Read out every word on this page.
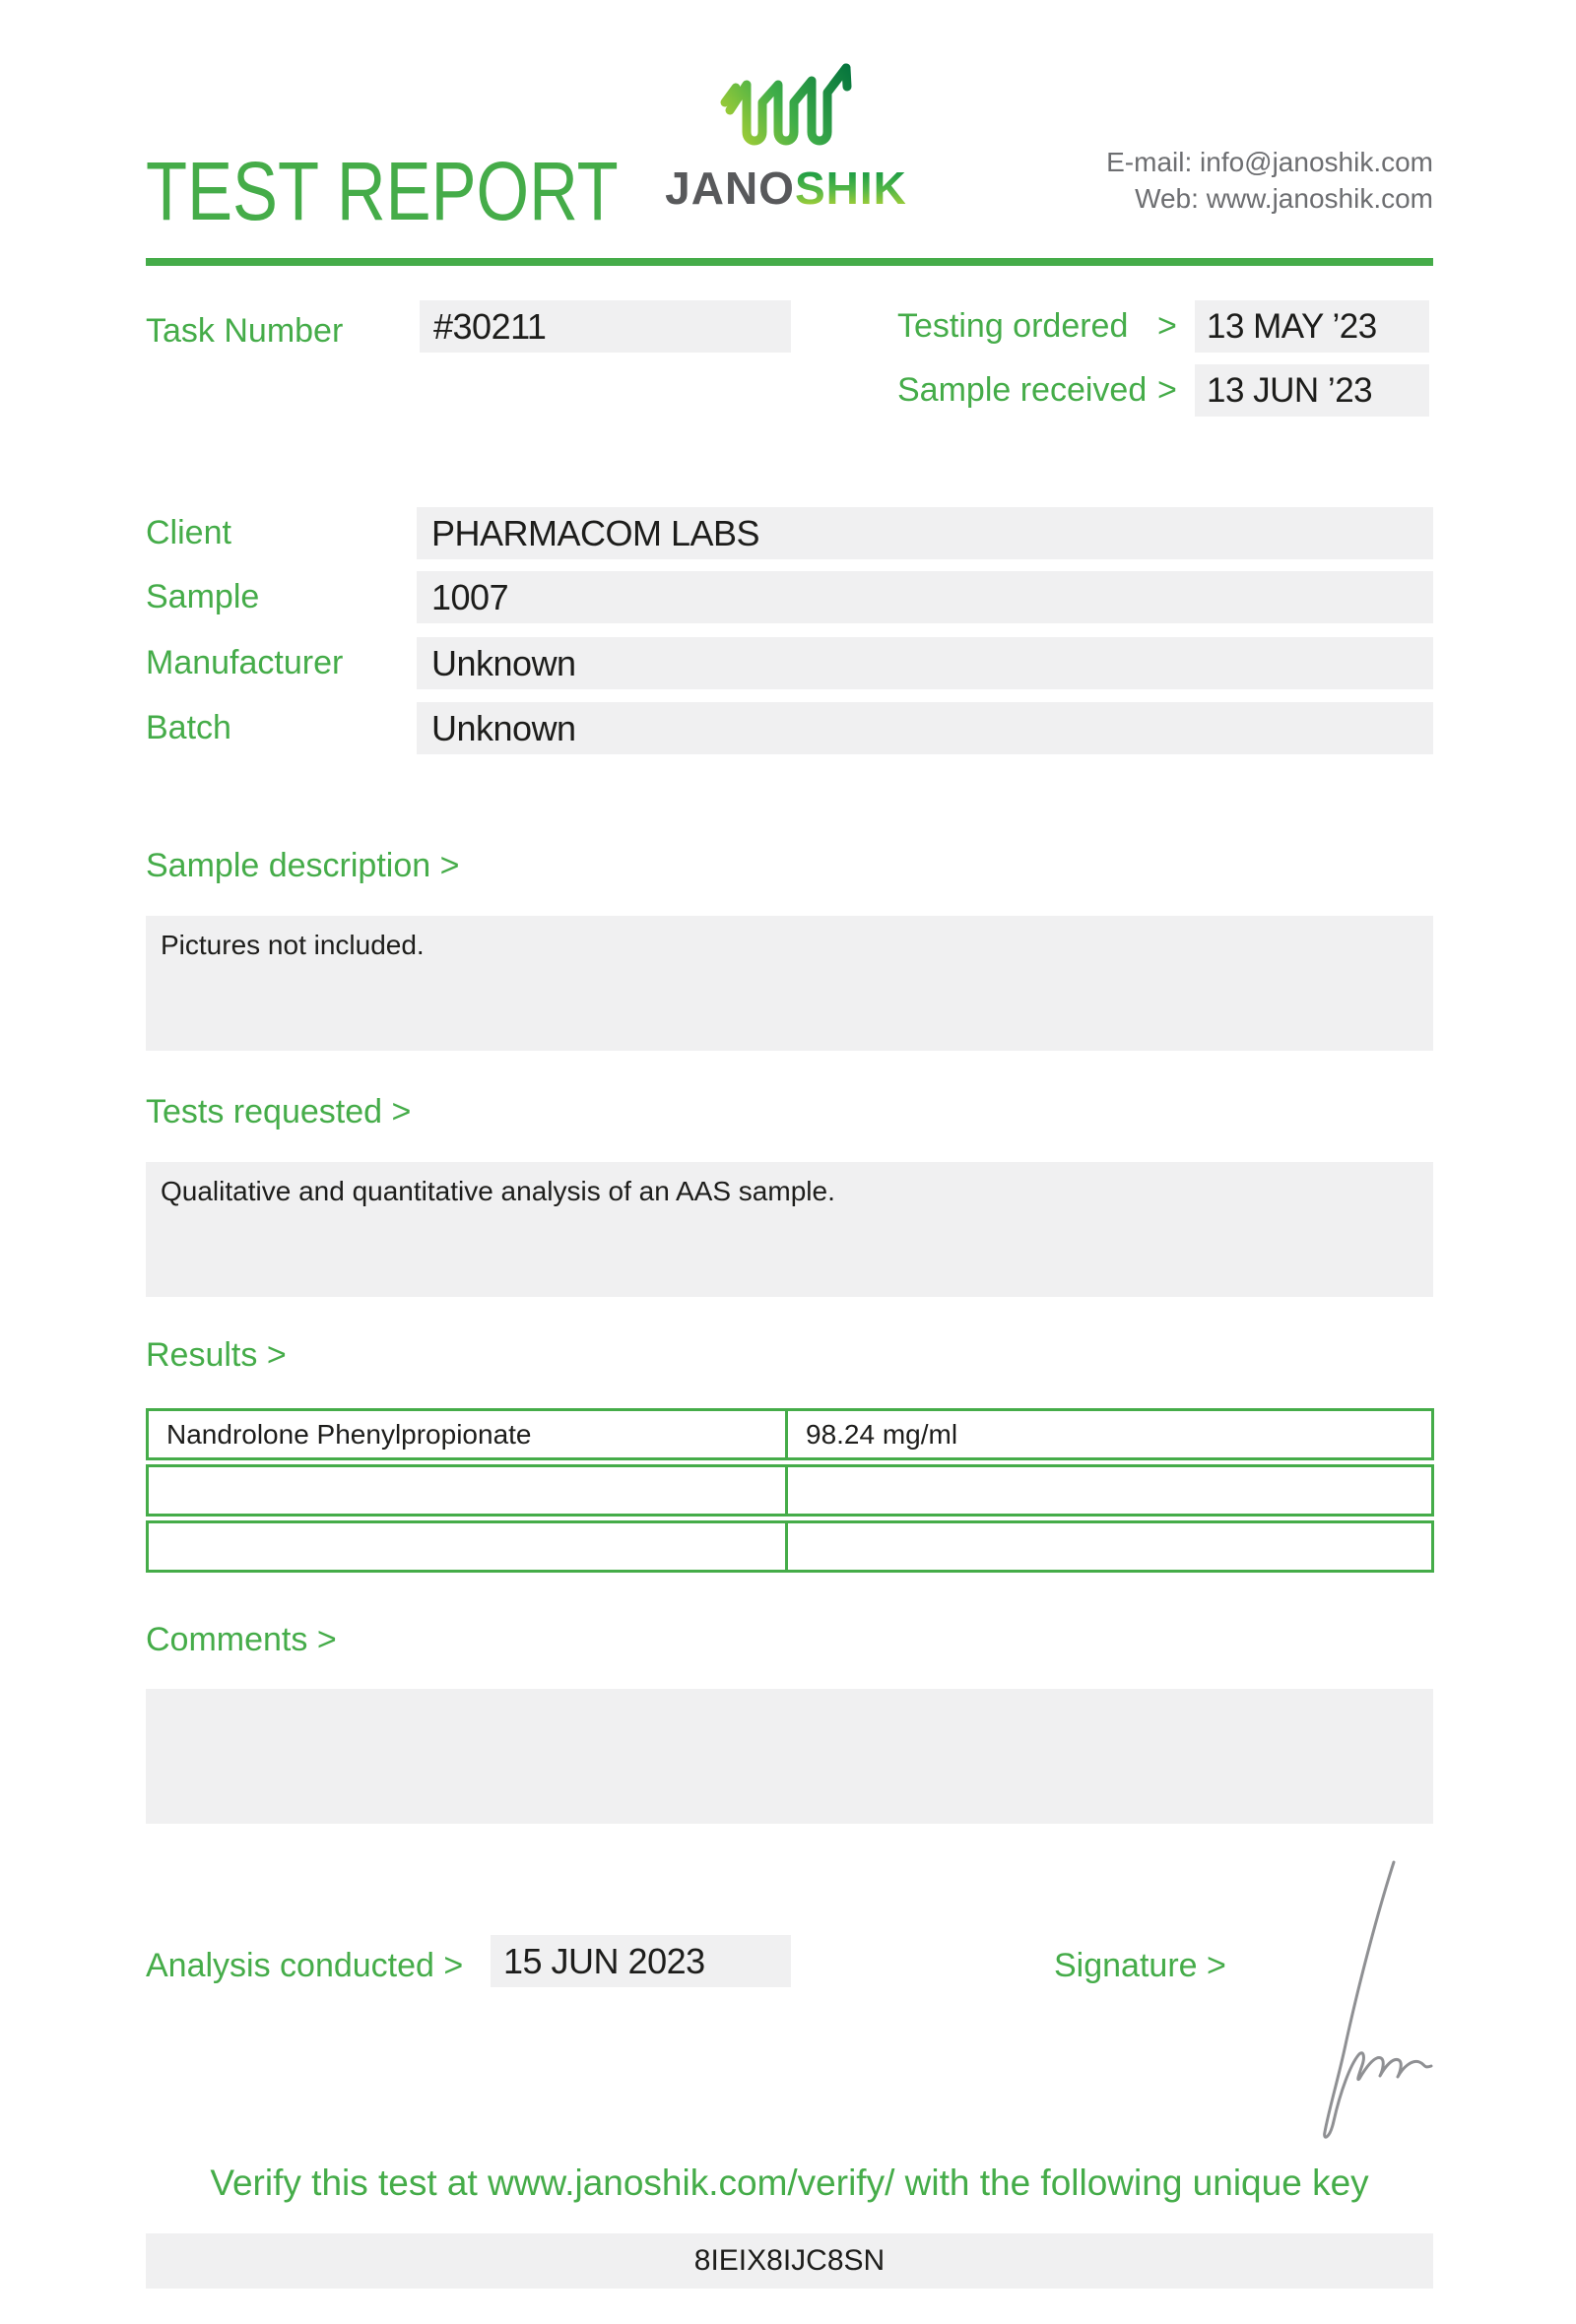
TEST REPORT JANOSHIK
E-mail: info@janoshik.com
Web: www.janoshik.com
Task Number	#30211	Testing ordered > 13 MAY ’23
Sample received > 13 JUN ’23
Client	PHARMACOM LABS
Sample	1007
Manufacturer	Unknown
Batch	Unknown
Sample description >
Pictures not included.
Tests requested >
Qualitative and quantitative analysis of an AAS sample.
Results >
Nandrolone Phenylpropionate	98.24 mg/ml
Comments >
Analysis conducted >	15 JUN 2023	Signature >
Verify this test at www.janoshik.com/verify/ with the following unique key
8IEIX8IJC8SN
